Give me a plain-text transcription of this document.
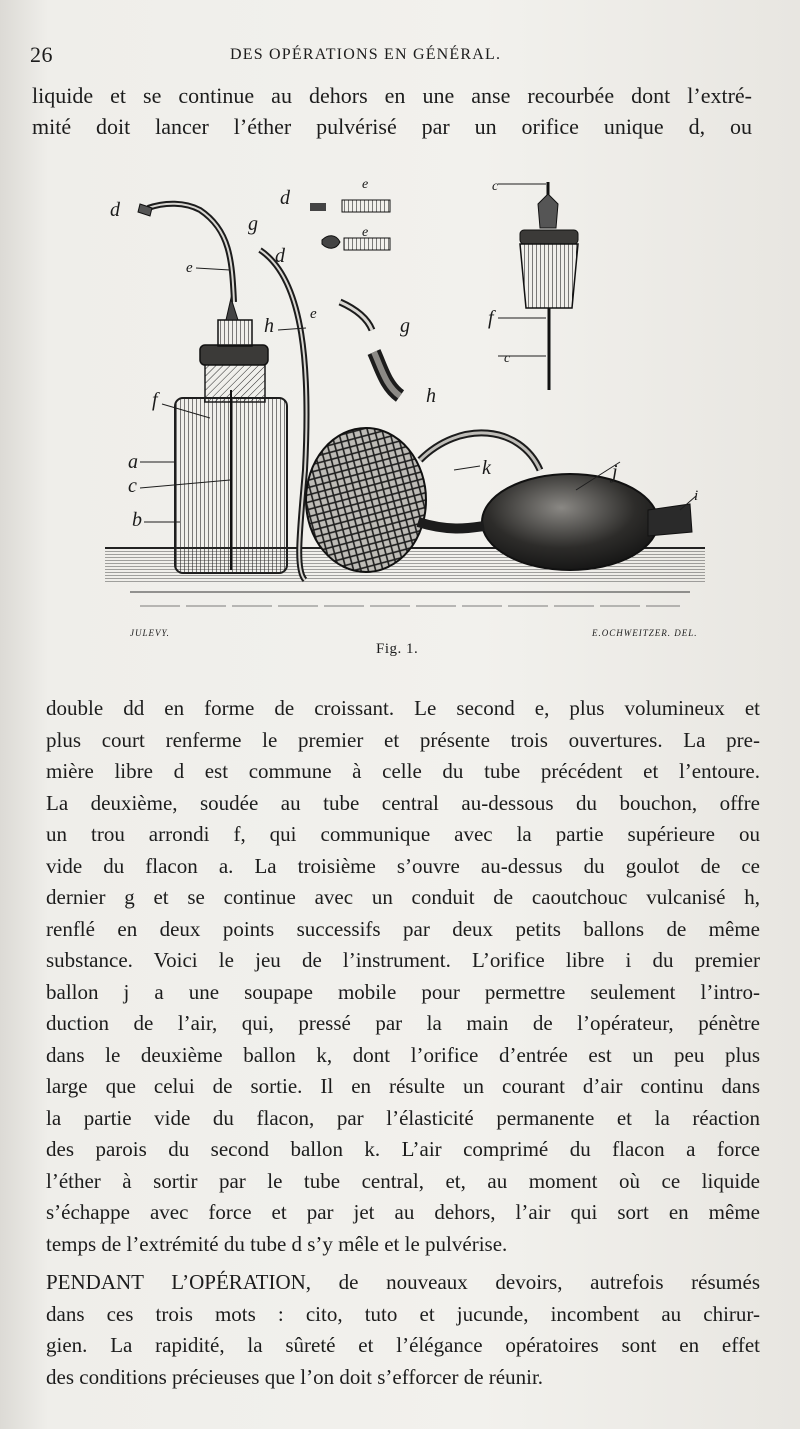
26	DES OPÉRATIONS EN GÉNÉRAL.
liquide et se continue au dehors en une anse recourbée dont l’extré-
mité doit lancer l’éther pulvérisé par un orifice unique d, ou
d
g
d
e
d
e
e
h
e
g
f
a
c
b
h
k	j
i
c
f
c
JULEVY.	E.OCHWEITZER. DEL.
Fig. 1.
double dd en forme de croissant. Le second e, plus volumineux et
plus court renferme le premier et présente trois ouvertures. La pre-
mière libre d est commune à celle du tube précédent et l’entoure.
La deuxième, soudée au tube central au-dessous du bouchon, offre
un trou arrondi f, qui communique avec la partie supérieure ou
vide du flacon a. La troisième s’ouvre au-dessus du goulot de ce
dernier g et se continue avec un conduit de caoutchouc vulcanisé h,
renflé en deux points successifs par deux petits ballons de même
substance. Voici le jeu de l’instrument. L’orifice libre i du premier
ballon j a une soupape mobile pour permettre seulement l’intro-
duction de l’air, qui, pressé par la main de l’opérateur, pénètre
dans le deuxième ballon k, dont l’orifice d’entrée est un peu plus
large que celui de sortie. Il en résulte un courant d’air continu dans
la partie vide du flacon, par l’élasticité permanente et la réaction
des parois du second ballon k. L’air comprimé du flacon a force
l’éther à sortir par le tube central, et, au moment où ce liquide
s’échappe avec force et par jet au dehors, l’air qui sort en même
temps de l’extrémité du tube d s’y mêle et le pulvérise.
PENDANT L’OPÉRATION, de nouveaux devoirs, autrefois résumés
dans ces trois mots : cito, tuto et jucunde, incombent au chirur-
gien. La rapidité, la sûreté et l’élégance opératoires sont en effet
des conditions précieuses que l’on doit s’efforcer de réunir.
